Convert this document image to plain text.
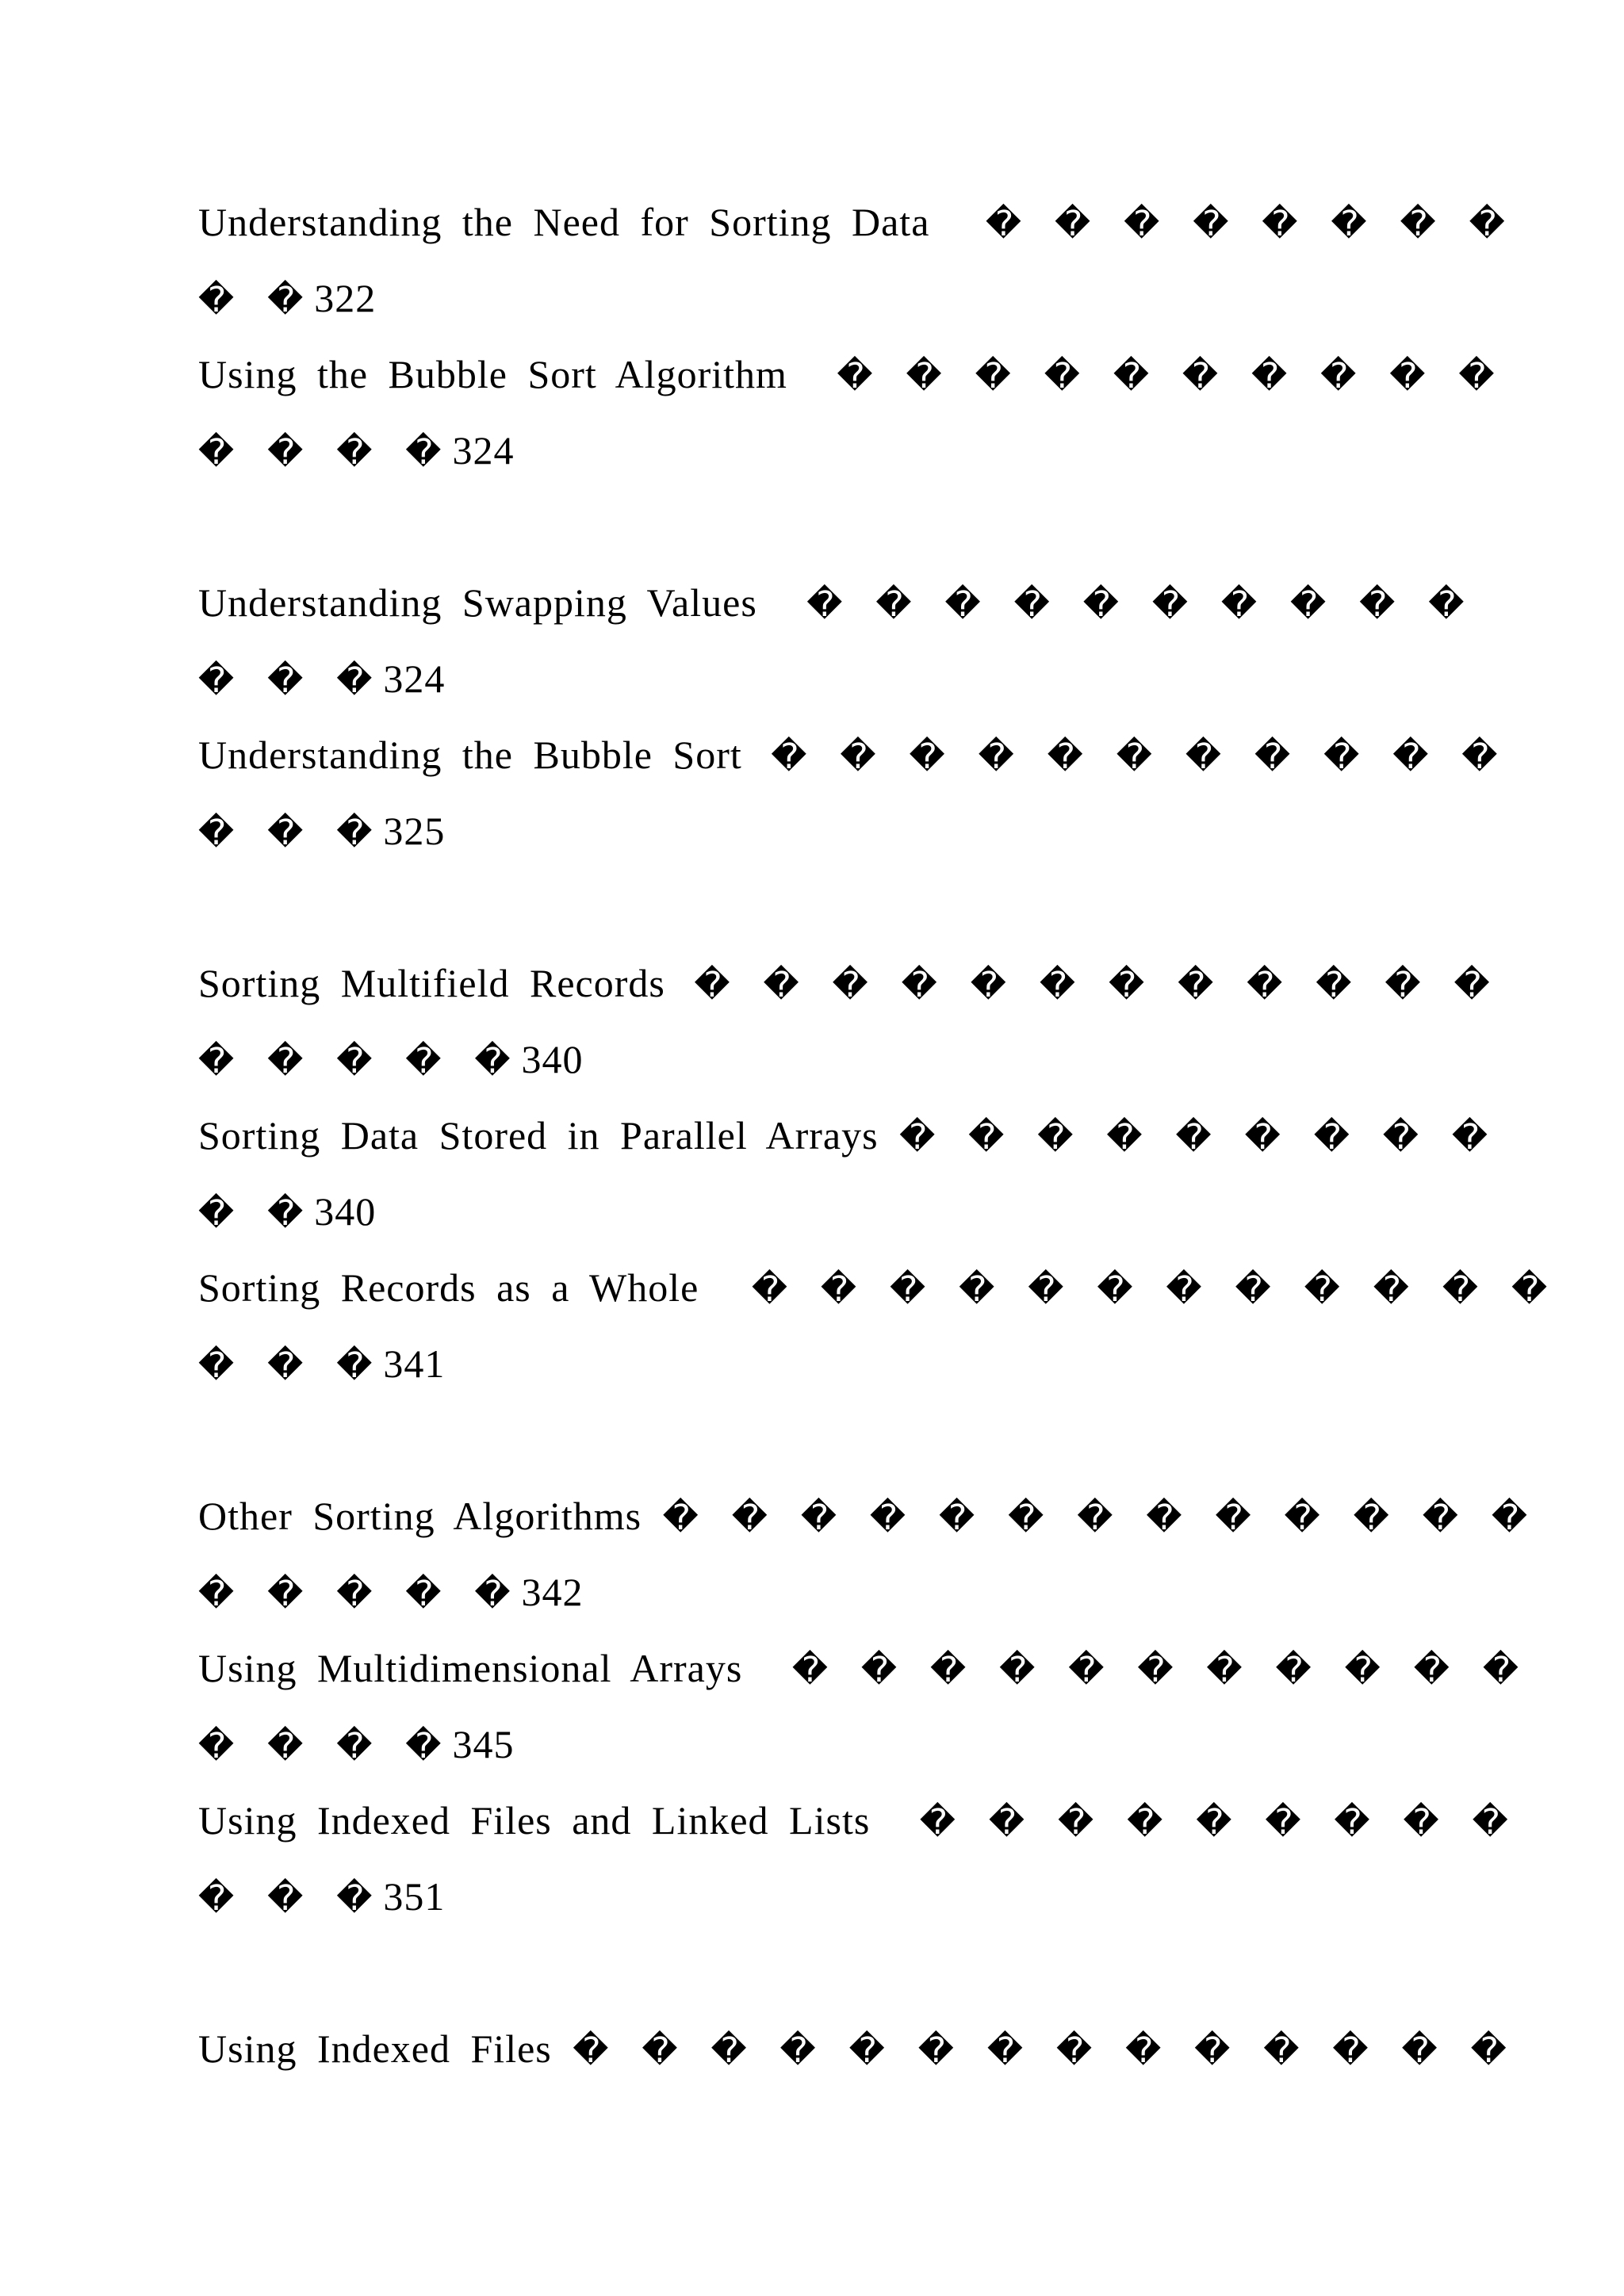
Understanding the Need for Sorting Data � � � � � � � �
� �322
Using the Bubble Sort Algorithm � � � � � � � � � �
� � � �324
Understanding Swapping Values � � � � � � � � � �
� � �324
Understanding the Bubble Sort � � � � � � � � � � �
� � �325
Sorting Multifield Records � � � � � � � � � � � �
� � � � �340
Sorting Data Stored in Parallel Arrays � � � � � � � � �
� �340
Sorting Records as a Whole � � � � � � � � � � � �
� � �341
Other Sorting Algorithms � � � � � � � � � � � � �
� � � � �342
Using Multidimensional Arrays � � � � � � � � � � �
� � � �345
Using Indexed Files and Linked Lists � � � � � � � � �
� � �351
Using Indexed Files � � � � � � � � � � � � � �
